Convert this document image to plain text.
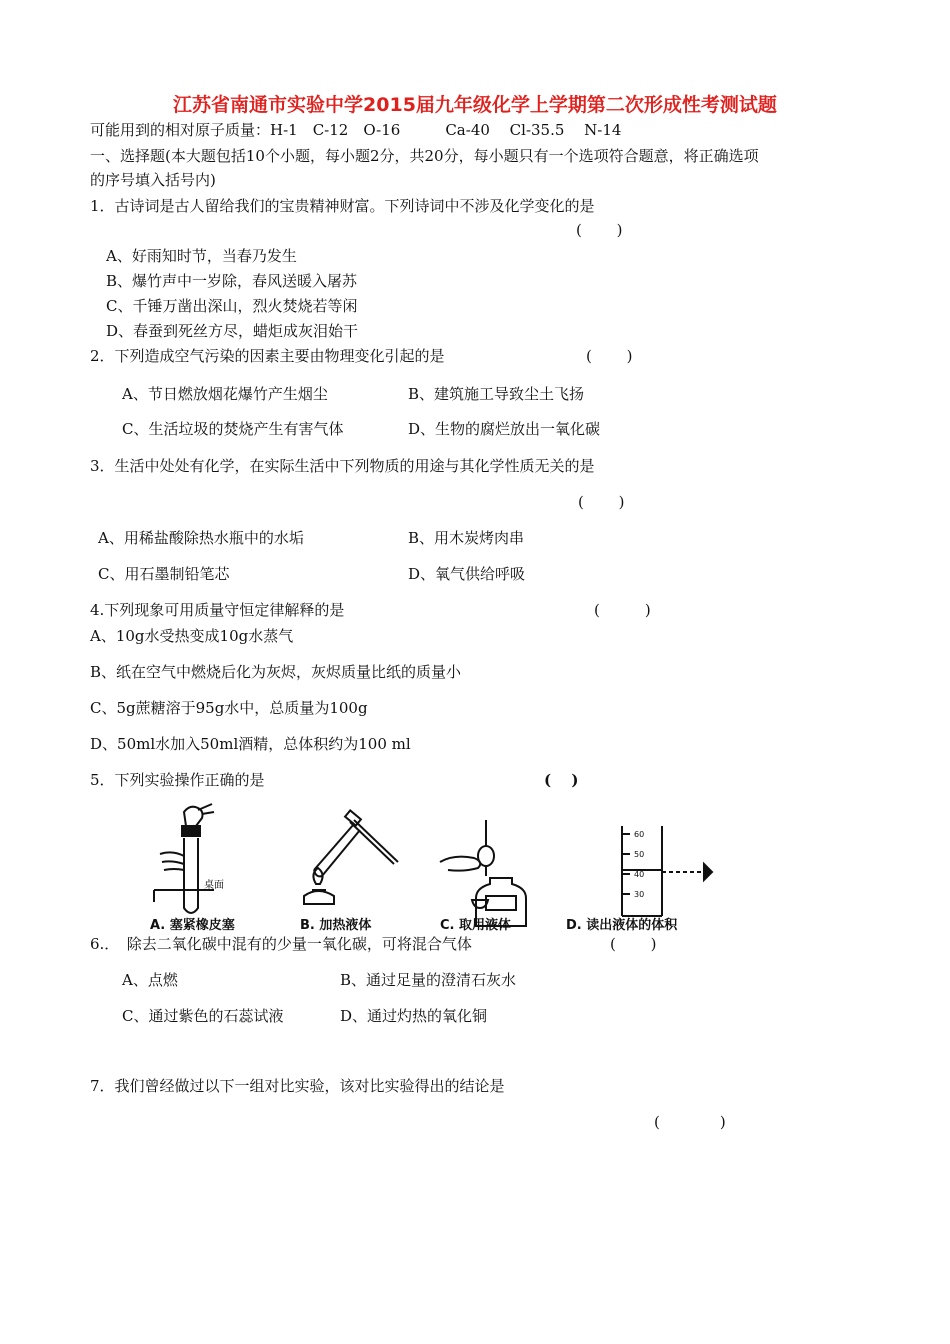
江苏省南通市实验中学2015届九年级化学上学期第二次形成性考测试题
可能用到的相对原子质量：H-1　C-12　O-16　　　Ca-40　 Cl-35.5　 N-14
一、选择题(本大题包括10个小题，每小题2分，共20分，每小题只有一个选项符合题意，将正确选项
的序号填入括号内)
1．古诗词是古人留给我们的宝贵精神财富。下列诗词中不涉及化学变化的是
(　　 )
A、好雨知时节，当春乃发生
B、爆竹声中一岁除，春风送暖入屠苏
C、千锤万凿出深山，烈火焚烧若等闲
D、春蚕到死丝方尽，蜡炬成灰泪始干
2．下列造成空气污染的因素主要由物理变化引起的是	(　　 )
A、节日燃放烟花爆竹产生烟尘	B、建筑施工导致尘土飞扬
C、生活垃圾的焚烧产生有害气体	D、生物的腐烂放出一氧化碳
3．生活中处处有化学，在实际生活中下列物质的用途与其化学性质无关的是
(　　 )
A、用稀盐酸除热水瓶中的水垢	B、用木炭烤肉串
C、用石墨制铅笔芯	D、氧气供给呼吸
4.下列现象可用质量守恒定律解释的是	(　　　)
A、10g水受热变成10g水蒸气
B、纸在空气中燃烧后化为灰烬，灰烬质量比纸的质量小
C、5g蔗糖溶于95g水中，总质量为100g
D、50ml水加入50ml酒精，总体积约为100 ml
5．下列实验操作正确的是	(　 )
桌面
A. 塞紧橡皮塞	B. 加热液体	C. 取用液体
60
50
40
30
D. 读出液体的体积
6.．　除去二氧化碳中混有的少量一氧化碳，可将混合气体	(　　 )
A、点燃	B、通过足量的澄清石灰水
C、通过紫色的石蕊试液	D、通过灼热的氧化铜
7．我们曾经做过以下一组对比实验，该对比实验得出的结论是
(　　　　)
